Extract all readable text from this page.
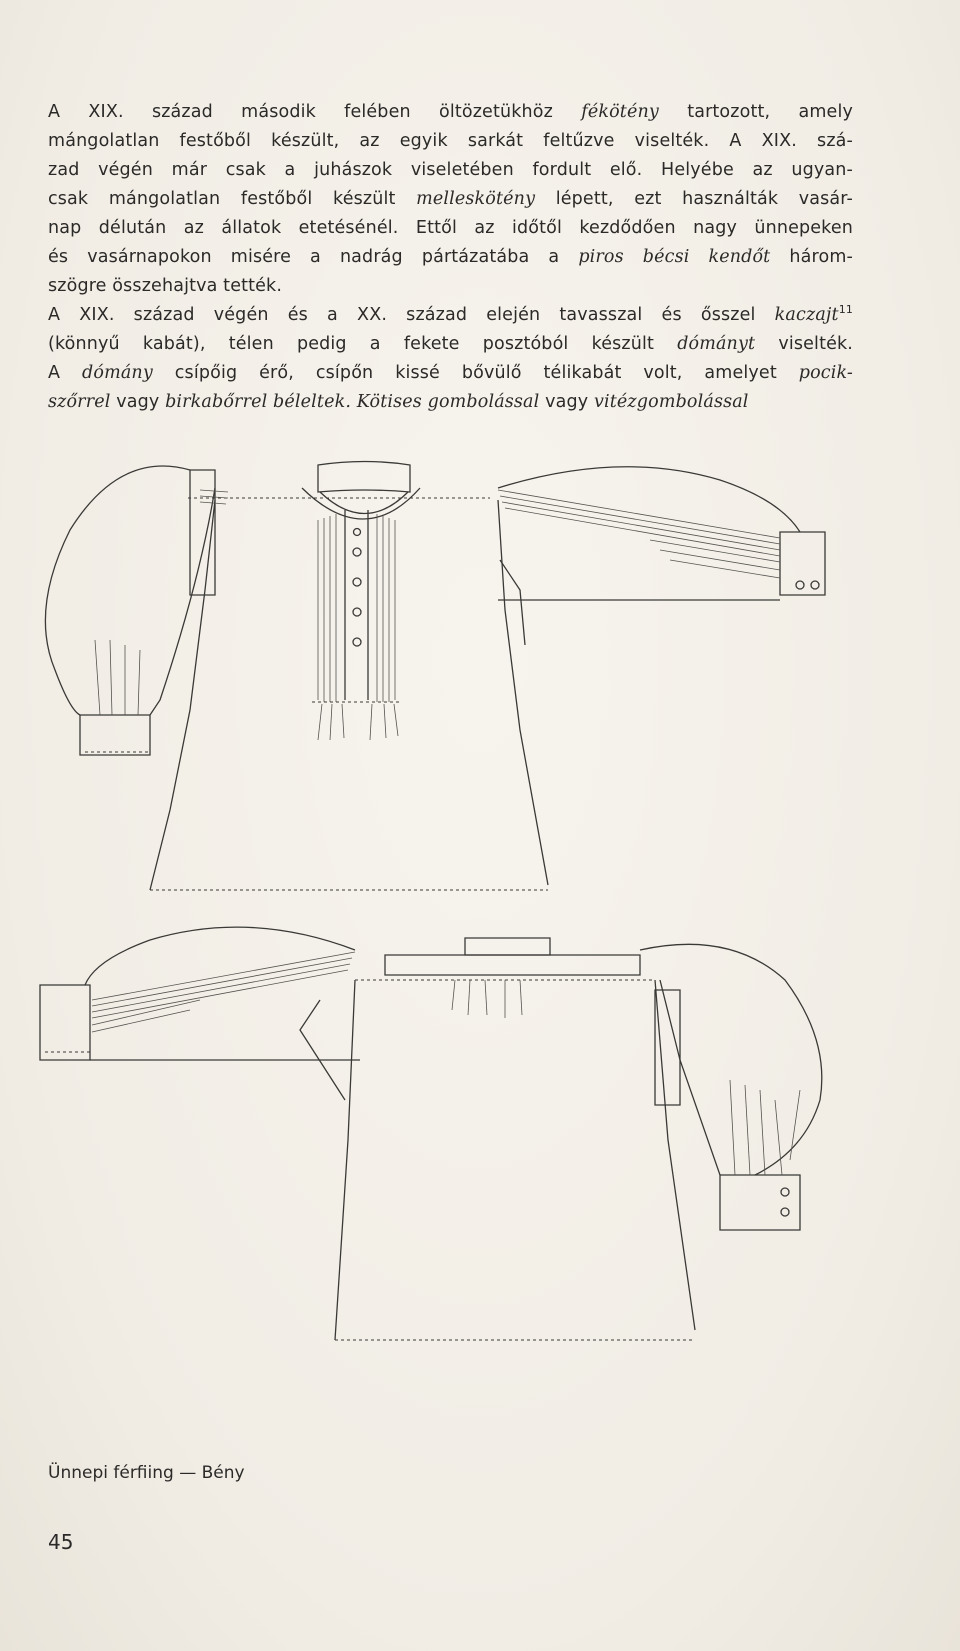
A XIX. század második felében öltözetükhöz fékötény tartozott, amely
mángolatlan festőből készült, az egyik sarkát feltűzve viselték. A XIX. szá-
zad végén már csak a juhászok viseletében fordult elő. Helyébe az ugyan-
csak mángolatlan festőből készült melleskötény lépett, ezt használták vasár-
nap délután az állatok etetésénél. Ettől az időtől kezdődően nagy ünnepeken
és vasárnapokon misére a nadrág pártázatába a piros bécsi kendőt három-
szögre összehajtva tették.
A XIX. század végén és a XX. század elején tavasszal és ősszel kaczajt$^{11}$
(könnyű kabát), télen pedig a fekete posztóból készült dómányt viselték.
A dómány csípőig érő, csípőn kissé bővülő télikabát volt, amelyet pocik-
szőrrel vagy birkabőrrel béleltek. Kötises gombolással vagy vitézgombolással
Ünnepi férfiing — Bény
45
